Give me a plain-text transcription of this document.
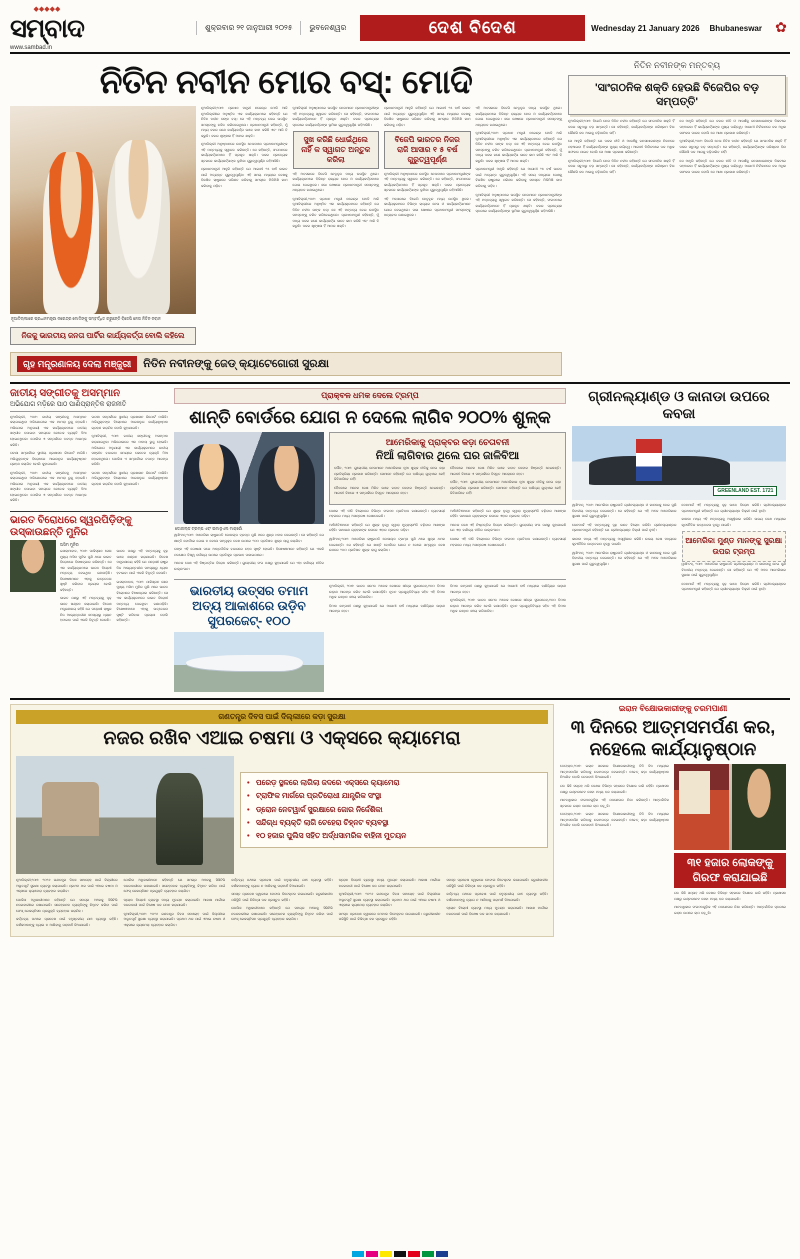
◆◆◆◆◆
ସମ୍ବାଦ
www.sambad.in
ଶୁକ୍ରବାର ୨୧ ଜାନୁଆରୀ ୨୦୨୫	ଭୁବନେଶ୍ୱର	ଦେଶ ବିଦେଶ	Wednesday 21 January 2026 Bhubaneswar ✿
ନିତିନ ନବୀନ ମୋର ବସ୍: ମୋଦି
ନୂଆଦିଲ୍ଲୀରେ ପ୍ରଧାନମନ୍ତ୍ରୀ ନରେନ୍ଦ୍ର ମୋଦିଙ୍କୁ ସମ୍ବର୍ଦ୍ଧିତ କରୁଛନ୍ତି ବିଜେପି ନେତା ନିତିନ ନବୀନ
ନିଜକୁ ଭାରତୀୟ ଜନତା ପାର୍ଟିର କାର୍ଯ୍ୟକର୍ତ୍ତା ବୋଲି କହିଲେ

ନୂଆଦିଲ୍ଲୀ,୨୦ା୧: ପ୍ରଧାନ ମନ୍ତ୍ରୀ ନରେନ୍ଦ୍ର ମୋଦି ଆଜି ନୂଆଦିଲ୍ଲୀରେ ଅନୁଷ୍ଠିତ ଏକ କାର୍ଯ୍ୟକ୍ରମରେ କହିଛନ୍ତି ଯେ ନିତିନ ନବୀନ ତାଙ୍କ ବସ୍। ସେ ଏହି ମନ୍ତବ୍ୟ ଦେଇ ଉପସ୍ଥିତ ସମସ୍ତଙ୍କୁ ଚକିତ କରିଦେଇଥିଲେ। ପ୍ରଧାନମନ୍ତ୍ରୀ କହିଛନ୍ତି, ମୁଁ ମଧ୍ୟ ଦଳର ଜଣେ କାର୍ଯ୍ୟକର୍ତ୍ତା ଭାବେ କାମ କରିଛି ଏବଂ ଆଜି ବି କରୁଛି। ଦଳର ଶୃଙ୍ଖଳା ହିଁ ଆମର ଶକ୍ତି।

ନୂଆଦିଲ୍ଲୀ ଅନୁଷ୍ଠାନରେ ଉପସ୍ଥିତ ନେତାମାନେ ପ୍ରଧାନମନ୍ତ୍ରୀଙ୍କ ଏହି ମନ୍ତବ୍ୟକୁ ସ୍ୱାଗତ କରିଛନ୍ତି। ସେ କହିଛନ୍ତି, ସଂଗଠନରେ କାର୍ଯ୍ୟକର୍ତ୍ତାମାନେ ହିଁ ପ୍ରକୃତ ଶକ୍ତି। ଦଳର ପ୍ରତ୍ୟେକ ସ୍ତରରେ କାର୍ଯ୍ୟକର୍ତ୍ତାଙ୍କ ଭୂମିକା ଗୁରୁତ୍ୱପୂର୍ଣ୍ଣ ରହିଆସିଛି।

ପ୍ରଧାନମନ୍ତ୍ରୀ ଆହୁରି କହିଛନ୍ତି ଯେ ଆଗାମୀ ୨୫ ବର୍ଷ ଭାରତ ପାଇଁ ଅତ୍ୟନ୍ତ ଗୁରୁତ୍ୱପୂର୍ଣ୍ଣ। ଏହି ସମୟ ମଧ୍ୟରେ ଦେଶକୁ ବିକଶିତ ରାଷ୍ଟ୍ରରେ ପରିଣତ କରିବାକୁ ସମସ୍ତେ ମିଳିମିଶି କାମ କରିବାକୁ ପଡ଼ିବ।

ନୂଆଦିଲ୍ଲୀ ଅନୁଷ୍ଠାନରେ ଉପସ୍ଥିତ ନେତାମାନେ ପ୍ରଧାନମନ୍ତ୍ରୀଙ୍କ ଏହି ମନ୍ତବ୍ୟକୁ ସ୍ୱାଗତ କରିଛନ୍ତି। ସେ କହିଛନ୍ତି, ସଂଗଠନରେ କାର୍ଯ୍ୟକର୍ତ୍ତାମାନେ ହିଁ ପ୍ରକୃତ ଶକ୍ତି। ଦଳର ପ୍ରତ୍ୟେକ ସ୍ତରରେ କାର୍ଯ୍ୟକର୍ତ୍ତାଙ୍କ ଭୂମିକା ଗୁରୁତ୍ୱପୂର୍ଣ୍ଣ ରହିଆସିଛି।

ସୁଖ କରିଛି ଧୋଇଁଥିଲେ ନାହିଁଁ କ ସ୍ୱାଗତ ଅନ୍ତୁକ କରିଲା

ଏହି ଅବସରରେ ବିଜେପି ନେତୃବୃନ୍ଦ ମଧ୍ୟ ଉପସ୍ଥିତ ଥିଲେ। କାର୍ଯ୍ୟକ୍ରମରେ ବିଭିନ୍ନ ରାଜ୍ୟର ନେତା ଓ କାର୍ଯ୍ୟକର୍ତ୍ତାମାନେ ଯୋଗ ଦେଇଥିଲେ। ସଭା ଶେଷରେ ପ୍ରଧାନମନ୍ତ୍ରୀ ସମସ୍ତଙ୍କୁ ଧନ୍ୟବାଦ ଜଣାଇଥିଲେ।

ନୂଆଦିଲ୍ଲୀ,୨୦ା୧: ପ୍ରଧାନ ମନ୍ତ୍ରୀ ନରେନ୍ଦ୍ର ମୋଦି ଆଜି ନୂଆଦିଲ୍ଲୀରେ ଅନୁଷ୍ଠିତ ଏକ କାର୍ଯ୍ୟକ୍ରମରେ କହିଛନ୍ତି ଯେ ନିତିନ ନବୀନ ତାଙ୍କ ବସ୍। ସେ ଏହି ମନ୍ତବ୍ୟ ଦେଇ ଉପସ୍ଥିତ ସମସ୍ତଙ୍କୁ ଚକିତ କରିଦେଇଥିଲେ। ପ୍ରଧାନମନ୍ତ୍ରୀ କହିଛନ୍ତି, ମୁଁ ମଧ୍ୟ ଦଳର ଜଣେ କାର୍ଯ୍ୟକର୍ତ୍ତା ଭାବେ କାମ କରିଛି ଏବଂ ଆଜି ବି କରୁଛି। ଦଳର ଶୃଙ୍ଖଳା ହିଁ ଆମର ଶକ୍ତି।

ପ୍ରଧାନମନ୍ତ୍ରୀ ଆହୁରି କହିଛନ୍ତି ଯେ ଆଗାମୀ ୨୫ ବର୍ଷ ଭାରତ ପାଇଁ ଅତ୍ୟନ୍ତ ଗୁରୁତ୍ୱପୂର୍ଣ୍ଣ। ଏହି ସମୟ ମଧ୍ୟରେ ଦେଶକୁ ବିକଶିତ ରାଷ୍ଟ୍ରରେ ପରିଣତ କରିବାକୁ ସମସ୍ତେ ମିଳିମିଶି କାମ କରିବାକୁ ପଡ଼ିବ।

ବିଜେପି ଭାରତର ନିଜର ରାଜି ଆସାର ୧ ୫ ବର୍ଷ ଗୁରୁତ୍ୱପୂର୍ଣ୍ଣ

ନୂଆଦିଲ୍ଲୀ ଅନୁଷ୍ଠାନରେ ଉପସ୍ଥିତ ନେତାମାନେ ପ୍ରଧାନମନ୍ତ୍ରୀଙ୍କ ଏହି ମନ୍ତବ୍ୟକୁ ସ୍ୱାଗତ କରିଛନ୍ତି। ସେ କହିଛନ୍ତି, ସଂଗଠନରେ କାର୍ଯ୍ୟକର୍ତ୍ତାମାନେ ହିଁ ପ୍ରକୃତ ଶକ୍ତି। ଦଳର ପ୍ରତ୍ୟେକ ସ୍ତରରେ କାର୍ଯ୍ୟକର୍ତ୍ତାଙ୍କ ଭୂମିକା ଗୁରୁତ୍ୱପୂର୍ଣ୍ଣ ରହିଆସିଛି।

ଏହି ଅବସରରେ ବିଜେପି ନେତୃବୃନ୍ଦ ମଧ୍ୟ ଉପସ୍ଥିତ ଥିଲେ। କାର୍ଯ୍ୟକ୍ରମରେ ବିଭିନ୍ନ ରାଜ୍ୟର ନେତା ଓ କାର୍ଯ୍ୟକର୍ତ୍ତାମାନେ ଯୋଗ ଦେଇଥିଲେ। ସଭା ଶେଷରେ ପ୍ରଧାନମନ୍ତ୍ରୀ ସମସ୍ତଙ୍କୁ ଧନ୍ୟବାଦ ଜଣାଇଥିଲେ।

ଏହି ଅବସରରେ ବିଜେପି ନେତୃବୃନ୍ଦ ମଧ୍ୟ ଉପସ୍ଥିତ ଥିଲେ। କାର୍ଯ୍ୟକ୍ରମରେ ବିଭିନ୍ନ ରାଜ୍ୟର ନେତା ଓ କାର୍ଯ୍ୟକର୍ତ୍ତାମାନେ ଯୋଗ ଦେଇଥିଲେ। ସଭା ଶେଷରେ ପ୍ରଧାନମନ୍ତ୍ରୀ ସମସ୍ତଙ୍କୁ ଧନ୍ୟବାଦ ଜଣାଇଥିଲେ।

ନୂଆଦିଲ୍ଲୀ,୨୦ା୧: ପ୍ରଧାନ ମନ୍ତ୍ରୀ ନରେନ୍ଦ୍ର ମୋଦି ଆଜି ନୂଆଦିଲ୍ଲୀରେ ଅନୁଷ୍ଠିତ ଏକ କାର୍ଯ୍ୟକ୍ରମରେ କହିଛନ୍ତି ଯେ ନିତିନ ନବୀନ ତାଙ୍କ ବସ୍। ସେ ଏହି ମନ୍ତବ୍ୟ ଦେଇ ଉପସ୍ଥିତ ସମସ୍ତଙ୍କୁ ଚକିତ କରିଦେଇଥିଲେ। ପ୍ରଧାନମନ୍ତ୍ରୀ କହିଛନ୍ତି, ମୁଁ ମଧ୍ୟ ଦଳର ଜଣେ କାର୍ଯ୍ୟକର୍ତ୍ତା ଭାବେ କାମ କରିଛି ଏବଂ ଆଜି ବି କରୁଛି। ଦଳର ଶୃଙ୍ଖଳା ହିଁ ଆମର ଶକ୍ତି।

ପ୍ରଧାନମନ୍ତ୍ରୀ ଆହୁରି କହିଛନ୍ତି ଯେ ଆଗାମୀ ୨୫ ବର୍ଷ ଭାରତ ପାଇଁ ଅତ୍ୟନ୍ତ ଗୁରୁତ୍ୱପୂର୍ଣ୍ଣ। ଏହି ସମୟ ମଧ୍ୟରେ ଦେଶକୁ ବିକଶିତ ରାଷ୍ଟ୍ରରେ ପରିଣତ କରିବାକୁ ସମସ୍ତେ ମିଳିମିଶି କାମ କରିବାକୁ ପଡ଼ିବ।

ନୂଆଦିଲ୍ଲୀ ଅନୁଷ୍ଠାନରେ ଉପସ୍ଥିତ ନେତାମାନେ ପ୍ରଧାନମନ୍ତ୍ରୀଙ୍କ ଏହି ମନ୍ତବ୍ୟକୁ ସ୍ୱାଗତ କରିଛନ୍ତି। ସେ କହିଛନ୍ତି, ସଂଗଠନରେ କାର୍ଯ୍ୟକର୍ତ୍ତାମାନେ ହିଁ ପ୍ରକୃତ ଶକ୍ତି। ଦଳର ପ୍ରତ୍ୟେକ ସ୍ତରରେ କାର୍ଯ୍ୟକର୍ତ୍ତାଙ୍କ ଭୂମିକା ଗୁରୁତ୍ୱପୂର୍ଣ୍ଣ ରହିଆସିଛି।

ଗୃହ ମନ୍ତ୍ରଣାଳୟ ଦେଲା ମଞ୍ଜୁରୀ	ନିତିନ ନବୀନଙ୍କୁ ଜେଡ୍ କ୍ୟାଟେଗୋରୀ ସୁରକ୍ଷା
ନିତିନ ନବୀନଙ୍କ ମନ୍ତବ୍ୟ
'ସାଂଗଠନିକ ଶକ୍ତି ହେଉଛି ବିଜେପିର ବଡ଼ ସମ୍ପତ୍ତି'

ନୂଆଦିଲ୍ଲୀ,୨୦ା୧: ବିଜେପି ନେତା ନିତିନ ନବୀନ କହିଛନ୍ତି ଯେ ସାଂଗଠନିକ ଶକ୍ତି ହିଁ ଦଳର ସବୁଠାରୁ ବଡ଼ ସମ୍ପତ୍ତି। ସେ କହିଛନ୍ତି, କାର୍ଯ୍ୟକର୍ତ୍ତାଙ୍କ ପରିଶ୍ରମ ବିନା କୌଣସି ଦଳ ଆଗକୁ ବଢ଼ିପାରିବ ନାହିଁ।

ସେ ଆହୁରି କହିଛନ୍ତି ଯେ ଦଳର ନୀତି ଓ ଆଦର୍ଶକୁ ଜନସାଧାରଣଙ୍କ ନିକଟରେ ପହଞ୍ଚାଇବା ହିଁ କାର୍ଯ୍ୟକର୍ତ୍ତାଙ୍କ ମୁଖ୍ୟ ଦାୟିତ୍ୱ। ଆଗାମୀ ନିର୍ବାଚନରେ ଦଳ ଅଧିକ ସଫଳତା ପାଇବ ବୋଲି ସେ ଆଶା ପ୍ରକାଶ କରିଛନ୍ତି।

ନୂଆଦିଲ୍ଲୀ,୨୦ା୧: ବିଜେପି ନେତା ନିତିନ ନବୀନ କହିଛନ୍ତି ଯେ ସାଂଗଠନିକ ଶକ୍ତି ହିଁ ଦଳର ସବୁଠାରୁ ବଡ଼ ସମ୍ପତ୍ତି। ସେ କହିଛନ୍ତି, କାର୍ଯ୍ୟକର୍ତ୍ତାଙ୍କ ପରିଶ୍ରମ ବିନା କୌଣସି ଦଳ ଆଗକୁ ବଢ଼ିପାରିବ ନାହିଁ।

ସେ ଆହୁରି କହିଛନ୍ତି ଯେ ଦଳର ନୀତି ଓ ଆଦର୍ଶକୁ ଜନସାଧାରଣଙ୍କ ନିକଟରେ ପହଞ୍ଚାଇବା ହିଁ କାର୍ଯ୍ୟକର୍ତ୍ତାଙ୍କ ମୁଖ୍ୟ ଦାୟିତ୍ୱ। ଆଗାମୀ ନିର୍ବାଚନରେ ଦଳ ଅଧିକ ସଫଳତା ପାଇବ ବୋଲି ସେ ଆଶା ପ୍ରକାଶ କରିଛନ୍ତି।

ନୂଆଦିଲ୍ଲୀ,୨୦ା୧: ବିଜେପି ନେତା ନିତିନ ନବୀନ କହିଛନ୍ତି ଯେ ସାଂଗଠନିକ ଶକ୍ତି ହିଁ ଦଳର ସବୁଠାରୁ ବଡ଼ ସମ୍ପତ୍ତି। ସେ କହିଛନ୍ତି, କାର୍ଯ୍ୟକର୍ତ୍ତାଙ୍କ ପରିଶ୍ରମ ବିନା କୌଣସି ଦଳ ଆଗକୁ ବଢ଼ିପାରିବ ନାହିଁ।

ସେ ଆହୁରି କହିଛନ୍ତି ଯେ ଦଳର ନୀତି ଓ ଆଦର୍ଶକୁ ଜନସାଧାରଣଙ୍କ ନିକଟରେ ପହଞ୍ଚାଇବା ହିଁ କାର୍ଯ୍ୟକର୍ତ୍ତାଙ୍କ ମୁଖ୍ୟ ଦାୟିତ୍ୱ। ଆଗାମୀ ନିର୍ବାଚନରେ ଦଳ ଅଧିକ ସଫଳତା ପାଇବ ବୋଲି ସେ ଆଶା ପ୍ରକାଶ କରିଛନ୍ତି।

ଜାତୀୟ ସଙ୍ଗୀତକୁ ଅସମ୍ମାନ
ଅଭିଯୋଗ ମଡ଼ିରେ ପାଠ ପାଣିପ୍ରାନ୍ତିକ ରାଜନୀତି

ନୂଆଦିଲ୍ଲୀ, ୨୦ା୧: ଜାତୀୟ ସଙ୍ଗୀତକୁ ଅସମ୍ମାନ କରାଯାଇଥିବା ଅଭିଯୋଗରେ ଏକ ମାମଲା ରୁଜୁ ହୋଇଛି। ଅଭିଯୋଗ ଅନୁଯାୟୀ ଏକ କାର୍ଯ୍ୟକ୍ରମରେ ଜାତୀୟ ସଙ୍ଗୀତ ବଜାଇବା ସମୟରେ କେତେକ ବ୍ୟକ୍ତି ଠିଆ ହୋଇନଥିଲେ। ପୋଲିସ ଏ ସମ୍ପର୍କରେ ତଦନ୍ତ ଆରମ୍ଭ କରିଛି।

ଘଟଣା ସମ୍ପର୍କରେ ସ୍ଥାନୀୟ ପ୍ରଶାସନ ରିପୋର୍ଟ ମାଗିଛି। ଅଭିଯୁକ୍ତଙ୍କ ବିରୋଧରେ ଆଇନାନୁଗ କାର୍ଯ୍ୟାନୁଷ୍ଠାନ ଗ୍ରହଣ କରାଯିବ ବୋଲି କୁହାଯାଇଛି।

ନୂଆଦିଲ୍ଲୀ, ୨୦ା୧: ଜାତୀୟ ସଙ୍ଗୀତକୁ ଅସମ୍ମାନ କରାଯାଇଥିବା ଅଭିଯୋଗରେ ଏକ ମାମଲା ରୁଜୁ ହୋଇଛି। ଅଭିଯୋଗ ଅନୁଯାୟୀ ଏକ କାର୍ଯ୍ୟକ୍ରମରେ ଜାତୀୟ ସଙ୍ଗୀତ ବଜାଇବା ସମୟରେ କେତେକ ବ୍ୟକ୍ତି ଠିଆ ହୋଇନଥିଲେ। ପୋଲିସ ଏ ସମ୍ପର୍କରେ ତଦନ୍ତ ଆରମ୍ଭ କରିଛି।

ଘଟଣା ସମ୍ପର୍କରେ ସ୍ଥାନୀୟ ପ୍ରଶାସନ ରିପୋର୍ଟ ମାଗିଛି। ଅଭିଯୁକ୍ତଙ୍କ ବିରୋଧରେ ଆଇନାନୁଗ କାର୍ଯ୍ୟାନୁଷ୍ଠାନ ଗ୍ରହଣ କରାଯିବ ବୋଲି କୁହାଯାଇଛି।

ନୂଆଦିଲ୍ଲୀ, ୨୦ା୧: ଜାତୀୟ ସଙ୍ଗୀତକୁ ଅସମ୍ମାନ କରାଯାଇଥିବା ଅଭିଯୋଗରେ ଏକ ମାମଲା ରୁଜୁ ହୋଇଛି। ଅଭିଯୋଗ ଅନୁଯାୟୀ ଏକ କାର୍ଯ୍ୟକ୍ରମରେ ଜାତୀୟ ସଙ୍ଗୀତ ବଜାଇବା ସମୟରେ କେତେକ ବ୍ୟକ୍ତି ଠିଆ ହୋଇନଥିଲେ। ପୋଲିସ ଏ ସମ୍ପର୍କରେ ତଦନ୍ତ ଆରମ୍ଭ କରିଛି।

ଘଟଣା ସମ୍ପର୍କରେ ସ୍ଥାନୀୟ ପ୍ରଶାସନ ରିପୋର୍ଟ ମାଗିଛି। ଅଭିଯୁକ୍ତଙ୍କ ବିରୋଧରେ ଆଇନାନୁଗ କାର୍ଯ୍ୟାନୁଷ୍ଠାନ ଗ୍ରହଣ କରାଯିବ ବୋଲି କୁହାଯାଇଛି।

ଭାରତ ବିରୋଧରେ ସ୍ୱରପିଡ଼ିଙ୍କୁ ଉସ୍କାଉଛନ୍ତି ମୁନିର
ଅସିମ ମୁନିର

ଇସଲାମାବାଦ, ୨୦ା୧: ପାକିସ୍ତାନ ସେନା ମୁଖ୍ୟ ଅସିମ ମୁନିର ପୁଣି ଥରେ ଭାରତ ବିରୋଧରେ ବିଷୋଦ୍ଗାର କରିଛନ୍ତି। ସେ ଏକ କାର୍ଯ୍ୟକ୍ରମରେ ଭାରତ ବିରୋଧୀ ମନ୍ତବ୍ୟ ଦେଇଥିବା ଜଣାପଡ଼ିଛି। ବିଶେଷଜ୍ଞମାନେ ଏହାକୁ ଉତ୍ତେଜନା ସୃଷ୍ଟି କରିବାର ପ୍ରୟାସ ବୋଲି କହିଛନ୍ତି।

ଭାରତ ପକ୍ଷରୁ ଏହି ମନ୍ତବ୍ୟକୁ ଦୃଢ଼ ଭାବେ ଖଣ୍ଡନ କରାଯାଇଛି। ବିଦେଶ ମନ୍ତ୍ରଣାଳୟ କହିଛି ଯେ ପଡ଼ୋଶୀ ରାଷ୍ଟ୍ର ନିଜ ଆଭ୍ୟନ୍ତରୀଣ ସମସ୍ୟାରୁ ଧ୍ୟାନ ହଟାଇବା ପାଇଁ ଏଭଳି ବିବୃତ୍ତି ଦେଉଛି।

ଭାରତ ପକ୍ଷରୁ ଏହି ମନ୍ତବ୍ୟକୁ ଦୃଢ଼ ଭାବେ ଖଣ୍ଡନ କରାଯାଇଛି। ବିଦେଶ ମନ୍ତ୍ରଣାଳୟ କହିଛି ଯେ ପଡ଼ୋଶୀ ରାଷ୍ଟ୍ର ନିଜ ଆଭ୍ୟନ୍ତରୀଣ ସମସ୍ୟାରୁ ଧ୍ୟାନ ହଟାଇବା ପାଇଁ ଏଭଳି ବିବୃତ୍ତି ଦେଉଛି।

ଇସଲାମାବାଦ, ୨୦ା୧: ପାକିସ୍ତାନ ସେନା ମୁଖ୍ୟ ଅସିମ ମୁନିର ପୁଣି ଥରେ ଭାରତ ବିରୋଧରେ ବିଷୋଦ୍ଗାର କରିଛନ୍ତି। ସେ ଏକ କାର୍ଯ୍ୟକ୍ରମରେ ଭାରତ ବିରୋଧୀ ମନ୍ତବ୍ୟ ଦେଇଥିବା ଜଣାପଡ଼ିଛି। ବିଶେଷଜ୍ଞମାନେ ଏହାକୁ ଉତ୍ତେଜନା ସୃଷ୍ଟି କରିବାର ପ୍ରୟାସ ବୋଲି କହିଛନ୍ତି।

ପ୍ରାକ୍ବଳ ଧମକ ଦେଲେ ଟ୍ରମ୍ପ
ଶାନ୍ତି ବୋର୍ଡରେ ଯୋଗ ନ ଦେଲେ ଲାଗିବ ୨୦୦% ଶୁଳ୍କ
ଡୋନାଲ୍ଡ ଟ୍ରମ୍ପ ଏବଂ ଇମାନୁଏଲ ମାକ୍ରୋଁ

ୱାଶିଂଟନ୍,୨୦ା୧: ଆମେରିକା ରାଷ୍ଟ୍ରପତି ଡୋନାଲ୍ଡ ଟ୍ରମ୍ପ ପୁଣି ଥରେ ଶୁଳ୍କ ଧମକ ଦେଇଛନ୍ତି। ସେ କହିଛନ୍ତି ଯେ ଶାନ୍ତି ବୋର୍ଡରେ ଯୋଗ ନ ଦେଲେ ସମ୍ପୃକ୍ତ ଦେଶ ଉପରେ ୨୦୦ ପ୍ରତିଶତ ଶୁଳ୍କ ଲାଗୁ କରାଯିବ।

ତାଙ୍କ ଏହି ଘୋଷଣା ପରେ ଆନ୍ତର୍ଜାତିକ ବଜାରରେ ଚହଳ ସୃଷ୍ଟି ହୋଇଛି। ବିଶେଷଜ୍ଞମାନେ କହିଛନ୍ତି ଯେ ଏଭଳି ପଦକ୍ଷେପ ବିଶ୍ୱ ବାଣିଜ୍ୟ ଉପରେ ପ୍ରତିକୂଳ ପ୍ରଭାବ ପକାଇପାରେ।

ଅନେକ ଦେଶ ଏହି ନିଷ୍ପତ୍ତିର ବିରୋଧ କରିଛନ୍ତି। ୟୁରୋପୀୟ ସଂଘ ପକ୍ଷରୁ କୁହାଯାଇଛି ଯେ ଏହା ବାଣିଜ୍ୟ ନୀତିର ଉଲ୍ଲଂଘନ।

ଆମେରିକାକୁ ପ୍ରାକ୍ବର କଡ଼ା ଚେତାବନୀ
ନିଆଁ ଲାଗିବାର ଥିଲେ ଘର ଜାଳିବିଆ

ବର୍ଲିନ, ୨୦ା୧: ୟୁରୋପୀୟ ନେତାମାନେ ଆମେରିକାର ନୂଆ ଶୁଳ୍କ ନୀତିକୁ ନେଇ କଡ଼ା ପ୍ରତିକ୍ରିୟା ପ୍ରକାଶ କରିଛନ୍ତି। ସେମାନେ କହିଛନ୍ତି ଯେ ବାଣିଜ୍ୟ ଯୁଦ୍ଧରେ କେହି ଜିତିପାରିବେ ନାହିଁ।

ବୈଠକରେ ଅନେକ ଦେଶ ମିଳିତ ଭାବେ ଜବାବ ଦେବାର ନିଷ୍ପତ୍ତି ନେଇଛନ୍ତି। ଆଗାମୀ ଦିନରେ ଏ ସମ୍ପର୍କରେ ବିସ୍ତୃତ ଆଲୋଚନା ହେବ।

ବୈଠକରେ ଅନେକ ଦେଶ ମିଳିତ ଭାବେ ଜବାବ ଦେବାର ନିଷ୍ପତ୍ତି ନେଇଛନ୍ତି। ଆଗାମୀ ଦିନରେ ଏ ସମ୍ପର୍କରେ ବିସ୍ତୃତ ଆଲୋଚନା ହେବ।

ବର୍ଲିନ, ୨୦ା୧: ୟୁରୋପୀୟ ନେତାମାନେ ଆମେରିକାର ନୂଆ ଶୁଳ୍କ ନୀତିକୁ ନେଇ କଡ଼ା ପ୍ରତିକ୍ରିୟା ପ୍ରକାଶ କରିଛନ୍ତି। ସେମାନେ କହିଛନ୍ତି ଯେ ବାଣିଜ୍ୟ ଯୁଦ୍ଧରେ କେହି ଜିତିପାରିବେ ନାହିଁ।

ଦେଶର ଏହି ନୀତି ବିରୋଧରେ ବିଭିନ୍ନ ସଂଗଠନ ପ୍ରତିବାଦ ଜଣାଇଛନ୍ତି। ବ୍ୟବସାୟୀ ମହଲରେ ମଧ୍ୟ ଅସନ୍ତୋଷ ଦେଖାଦେଇଛି।

ଅର୍ଥନୀତିଜ୍ଞମାନେ କହିଛନ୍ତି ଯେ ଶୁଳ୍କ ବୃଦ୍ଧି ଦ୍ୱାରା ମୁଦ୍ରାସ୍ଫୀତି ବଢ଼ିବାର ଆଶଙ୍କା ରହିଛି। ସାଧାରଣ ଗ୍ରାହକଙ୍କ ଉପରେ ଏହାର ପ୍ରଭାବ ପଡ଼ିବ।

ୱାଶିଂଟନ୍,୨୦ା୧: ଆମେରିକା ରାଷ୍ଟ୍ରପତି ଡୋନାଲ୍ଡ ଟ୍ରମ୍ପ ପୁଣି ଥରେ ଶୁଳ୍କ ଧମକ ଦେଇଛନ୍ତି। ସେ କହିଛନ୍ତି ଯେ ଶାନ୍ତି ବୋର୍ଡରେ ଯୋଗ ନ ଦେଲେ ସମ୍ପୃକ୍ତ ଦେଶ ଉପରେ ୨୦୦ ପ୍ରତିଶତ ଶୁଳ୍କ ଲାଗୁ କରାଯିବ।

ଅର୍ଥନୀତିଜ୍ଞମାନେ କହିଛନ୍ତି ଯେ ଶୁଳ୍କ ବୃଦ୍ଧି ଦ୍ୱାରା ମୁଦ୍ରାସ୍ଫୀତି ବଢ଼ିବାର ଆଶଙ୍କା ରହିଛି। ସାଧାରଣ ଗ୍ରାହକଙ୍କ ଉପରେ ଏହାର ପ୍ରଭାବ ପଡ଼ିବ।

ଅନେକ ଦେଶ ଏହି ନିଷ୍ପତ୍ତିର ବିରୋଧ କରିଛନ୍ତି। ୟୁରୋପୀୟ ସଂଘ ପକ୍ଷରୁ କୁହାଯାଇଛି ଯେ ଏହା ବାଣିଜ୍ୟ ନୀତିର ଉଲ୍ଲଂଘନ।

ଦେଶର ଏହି ନୀତି ବିରୋଧରେ ବିଭିନ୍ନ ସଂଗଠନ ପ୍ରତିବାଦ ଜଣାଇଛନ୍ତି। ବ୍ୟବସାୟୀ ମହଲରେ ମଧ୍ୟ ଅସନ୍ତୋଷ ଦେଖାଦେଇଛି।

ଭାରତୀୟ ଉତ୍ସର ତମାମ ଅତ୍ୟ ଆକାଶରେ ଉଡ଼ିବ ସୁପରଜେଟ୍- ୧୦୦

ନୂଆଦିଲ୍ଲୀ, ୨୦ା୧: ଭାରତ ସମେତ ଅନେକ ଦେଶରେ ଶୀଘ୍ର ସୁପରଜେଟ୍-୧୦୦ ବିମାନ ଉଡ଼ାଣ ଆରମ୍ଭ କରିବ ବୋଲି ଜଣାପଡ଼ିଛି। ନୂତନ ପ୍ରଯୁକ୍ତିବିଦ୍ୟା ସହିତ ଏହି ବିମାନ ଅଧିକ ଇନ୍ଧନ ସଞ୍ଚୟ କରିପାରିବ।

ବିମାନ କମ୍ପାନୀ ପକ୍ଷରୁ କୁହାଯାଇଛି ଯେ ଆଗାମୀ ବର୍ଷ ମଧ୍ୟରେ ବାଣିଜ୍ୟିକ ଉଡ଼ାଣ ଆରମ୍ଭ ହେବ।

ବିମାନ କମ୍ପାନୀ ପକ୍ଷରୁ କୁହାଯାଇଛି ଯେ ଆଗାମୀ ବର୍ଷ ମଧ୍ୟରେ ବାଣିଜ୍ୟିକ ଉଡ଼ାଣ ଆରମ୍ଭ ହେବ।

ନୂଆଦିଲ୍ଲୀ, ୨୦ା୧: ଭାରତ ସମେତ ଅନେକ ଦେଶରେ ଶୀଘ୍ର ସୁପରଜେଟ୍-୧୦୦ ବିମାନ ଉଡ଼ାଣ ଆରମ୍ଭ କରିବ ବୋଲି ଜଣାପଡ଼ିଛି। ନୂତନ ପ୍ରଯୁକ୍ତିବିଦ୍ୟା ସହିତ ଏହି ବିମାନ ଅଧିକ ଇନ୍ଧନ ସଞ୍ଚୟ କରିପାରିବ।

ଗ୍ରୀନଲ୍ୟାଣ୍ଡ ଓ କାନାଡା ଉପରେ କବଜା
GREENLAND EST. 1721

ୱାଶିଂଟନ୍, ୨୦ା୧: ଆମେରିକା ରାଷ୍ଟ୍ରପତି ଗ୍ରୀନଲ୍ୟାଣ୍ଡ ଓ କାନାଡାକୁ ନେଇ ପୁଣି ବିବାଦୀୟ ମନ୍ତବ୍ୟ ଦେଇଛନ୍ତି। ସେ କହିଛନ୍ତି ଯେ ଏହି ଅଞ୍ଚଳ ଆମେରିକାର ସୁରକ୍ଷା ପାଇଁ ଗୁରୁତ୍ୱପୂର୍ଣ୍ଣ।

ଡେନମାର୍କ ଏହି ମନ୍ତବ୍ୟକୁ ଦୃଢ଼ ଭାବେ ବିରୋଧ କରିଛି। ଗ୍ରୀନଲ୍ୟାଣ୍ଡର ପ୍ରଧାନମନ୍ତ୍ରୀ କହିଛନ୍ତି ଯେ ଗ୍ରୀନଲ୍ୟାଣ୍ଡ ବିକ୍ରୀ ପାଇଁ ନୁହେଁ।

କାନାଡା ମଧ୍ୟ ଏହି ମନ୍ତବ୍ୟକୁ ଅସ୍ୱୀକାର କରିଛି। ଉଭୟ ଦେଶ ମଧ୍ୟରେ କୂଟନୈତିକ ଉତ୍ତେଜନା ବୃଦ୍ଧି ପାଇଛି।

ୱାଶିଂଟନ୍, ୨୦ା୧: ଆମେରିକା ରାଷ୍ଟ୍ରପତି ଗ୍ରୀନଲ୍ୟାଣ୍ଡ ଓ କାନାଡାକୁ ନେଇ ପୁଣି ବିବାଦୀୟ ମନ୍ତବ୍ୟ ଦେଇଛନ୍ତି। ସେ କହିଛନ୍ତି ଯେ ଏହି ଅଞ୍ଚଳ ଆମେରିକାର ସୁରକ୍ଷା ପାଇଁ ଗୁରୁତ୍ୱପୂର୍ଣ୍ଣ।

ଡେନମାର୍କ ଏହି ମନ୍ତବ୍ୟକୁ ଦୃଢ଼ ଭାବେ ବିରୋଧ କରିଛି। ଗ୍ରୀନଲ୍ୟାଣ୍ଡର ପ୍ରଧାନମନ୍ତ୍ରୀ କହିଛନ୍ତି ଯେ ଗ୍ରୀନଲ୍ୟାଣ୍ଡ ବିକ୍ରୀ ପାଇଁ ନୁହେଁ।

କାନାଡା ମଧ୍ୟ ଏହି ମନ୍ତବ୍ୟକୁ ଅସ୍ୱୀକାର କରିଛି। ଉଭୟ ଦେଶ ମଧ୍ୟରେ କୂଟନୈତିକ ଉତ୍ତେଜନା ବୃଦ୍ଧି ପାଇଛି।

ଆମେରିକା ମୁଣ୍ଡ ମାନଙ୍କୁ ସୁରକ୍ଷା ଉପର ଟ୍ରମ୍ପ

ୱାଶିଂଟନ୍, ୨୦ା୧: ଆମେରିକା ରାଷ୍ଟ୍ରପତି ଗ୍ରୀନଲ୍ୟାଣ୍ଡ ଓ କାନାଡାକୁ ନେଇ ପୁଣି ବିବାଦୀୟ ମନ୍ତବ୍ୟ ଦେଇଛନ୍ତି। ସେ କହିଛନ୍ତି ଯେ ଏହି ଅଞ୍ଚଳ ଆମେରିକାର ସୁରକ୍ଷା ପାଇଁ ଗୁରୁତ୍ୱପୂର୍ଣ୍ଣ।

ଡେନମାର୍କ ଏହି ମନ୍ତବ୍ୟକୁ ଦୃଢ଼ ଭାବେ ବିରୋଧ କରିଛି। ଗ୍ରୀନଲ୍ୟାଣ୍ଡର ପ୍ରଧାନମନ୍ତ୍ରୀ କହିଛନ୍ତି ଯେ ଗ୍ରୀନଲ୍ୟାଣ୍ଡ ବିକ୍ରୀ ପାଇଁ ନୁହେଁ।

ଗଣତନ୍ତ୍ର ଦିବସ ପାଇଁ ଦିଲ୍ଲୀରେ କଡ଼ା ସୁରକ୍ଷା
ନଜର ରଖିବ ଏଆଇ ଚଷମା ଓ ଏକ୍ସରେ କ୍ୟାମେରା
• ପରେଡ଼ ସ୍ଥଳରେ ଲାଗିଲା ଜଦରେ ଏକ୍ସରେ କ୍ୟାମେରା
• ଟ୍ରାଫିକ ମାର୍ଗରେ ପ୍ରତିରୋଧୀ ଯାନ୍ତ୍ରିକ ସଂସ୍ଥା
• ଡ୍ରୋନ ନେଟୱାର୍କ ସୁରକ୍ଷାରେ ଜୋର ନିର୍ଦ୍ଦେଶିକା
• ସନ୍ଦିଗ୍ଧ ବ୍ୟକ୍ତି ଲାଗି ଚେହେରା ଚିହ୍ନଟ ବ୍ୟବସ୍ଥା
• ୧୦ ହଜାର ପୁଲିସ ସହିତ ଅର୍ଦ୍ଧସାମରିକ ବାହିନୀ ମୁତୟନ

ନୂଆଦିଲ୍ଲୀ,୨୦ା୧: ୨୦୨୬ ଗଣତନ୍ତ୍ର ଦିବସ ସମାରୋହ ପାଇଁ ଦିଲ୍ଲୀରେ ଅଭୂତପୂର୍ବ ସୁରକ୍ଷା ବ୍ୟବସ୍ଥା କରାଯାଇଛି। ପ୍ରଥମ ଥର ପାଇଁ ଏଆଇ ଚଷମା ଓ ଏକ୍ସରେ କ୍ୟାମେରା ବ୍ୟବହାର କରାଯିବ।

ପୋଲିସ ଅଧିକାରୀମାନେ କହିଛନ୍ତି ଯେ ସମଗ୍ର ଅଞ୍ଚଳକୁ ସିସିଟିଭି ନଜରଦାରୀରେ ରଖାଯାଇଛି। ସନ୍ଦେହଜନକ ବ୍ୟକ୍ତିଙ୍କୁ ଚିହ୍ନଟ କରିବା ପାଇଁ ଫେସ୍ ରେକଗ୍ନିସନ ପ୍ରଯୁକ୍ତି ବ୍ୟବହାର କରାଯିବ।

କର୍ତ୍ତବ୍ୟ ପଥରେ ପ୍ରବେଶ ପାଇଁ ବହୁସ୍ତରୀୟ ଯାଞ୍ଚ ବ୍ୟବସ୍ଥା ରହିଛି। ଦର୍ଶକମାନଙ୍କୁ ବ୍ୟାଗ ନ ଆଣିବାକୁ ପରାମର୍ଶ ଦିଆଯାଇଛି।

ପୋଲିସ ଅଧିକାରୀମାନେ କହିଛନ୍ତି ଯେ ସମଗ୍ର ଅଞ୍ଚଳକୁ ସିସିଟିଭି ନଜରଦାରୀରେ ରଖାଯାଇଛି। ସନ୍ଦେହଜନକ ବ୍ୟକ୍ତିଙ୍କୁ ଚିହ୍ନଟ କରିବା ପାଇଁ ଫେସ୍ ରେକଗ୍ନିସନ ପ୍ରଯୁକ୍ତି ବ୍ୟବହାର କରାଯିବ।

ଡ୍ରୋନ ବିରୋଧୀ ବ୍ୟବସ୍ଥା ମଧ୍ୟ ମୁତୟନ କରାଯାଇଛି। ଆକାଶ ମାର୍ଗରେ ନଜରଦାରୀ ପାଇଁ ବିଶେଷ ଦଳ ଗଠନ କରାଯାଇଛି।

ନୂଆଦିଲ୍ଲୀ,୨୦ା୧: ୨୦୨୬ ଗଣତନ୍ତ୍ର ଦିବସ ସମାରୋହ ପାଇଁ ଦିଲ୍ଲୀରେ ଅଭୂତପୂର୍ବ ସୁରକ୍ଷା ବ୍ୟବସ୍ଥା କରାଯାଇଛି। ପ୍ରଥମ ଥର ପାଇଁ ଏଆଇ ଚଷମା ଓ ଏକ୍ସରେ କ୍ୟାମେରା ବ୍ୟବହାର କରାଯିବ।

କର୍ତ୍ତବ୍ୟ ପଥରେ ପ୍ରବେଶ ପାଇଁ ବହୁସ୍ତରୀୟ ଯାଞ୍ଚ ବ୍ୟବସ୍ଥା ରହିଛି। ଦର୍ଶକମାନଙ୍କୁ ବ୍ୟାଗ ନ ଆଣିବାକୁ ପରାମର୍ଶ ଦିଆଯାଇଛି।

ସମସ୍ତ ପ୍ରବେଶ ଦ୍ୱାରରେ ମେଟାଲ ଡିଟେକ୍ଟର ଲଗାଯାଇଛି। ଜରୁରୀକାଳୀନ ପରିସ୍ଥିତି ପାଇଁ ଚିକିତ୍ସା ଦଳ ପ୍ରସ୍ତୁତ ରହିଛି।

ପୋଲିସ ଅଧିକାରୀମାନେ କହିଛନ୍ତି ଯେ ସମଗ୍ର ଅଞ୍ଚଳକୁ ସିସିଟିଭି ନଜରଦାରୀରେ ରଖାଯାଇଛି। ସନ୍ଦେହଜନକ ବ୍ୟକ୍ତିଙ୍କୁ ଚିହ୍ନଟ କରିବା ପାଇଁ ଫେସ୍ ରେକଗ୍ନିସନ ପ୍ରଯୁକ୍ତି ବ୍ୟବହାର କରାଯିବ।

ଡ୍ରୋନ ବିରୋଧୀ ବ୍ୟବସ୍ଥା ମଧ୍ୟ ମୁତୟନ କରାଯାଇଛି। ଆକାଶ ମାର୍ଗରେ ନଜରଦାରୀ ପାଇଁ ବିଶେଷ ଦଳ ଗଠନ କରାଯାଇଛି।

ନୂଆଦିଲ୍ଲୀ,୨୦ା୧: ୨୦୨୬ ଗଣତନ୍ତ୍ର ଦିବସ ସମାରୋହ ପାଇଁ ଦିଲ୍ଲୀରେ ଅଭୂତପୂର୍ବ ସୁରକ୍ଷା ବ୍ୟବସ୍ଥା କରାଯାଇଛି। ପ୍ରଥମ ଥର ପାଇଁ ଏଆଇ ଚଷମା ଓ ଏକ୍ସରେ କ୍ୟାମେରା ବ୍ୟବହାର କରାଯିବ।

ସମସ୍ତ ପ୍ରବେଶ ଦ୍ୱାରରେ ମେଟାଲ ଡିଟେକ୍ଟର ଲଗାଯାଇଛି। ଜରୁରୀକାଳୀନ ପରିସ୍ଥିତି ପାଇଁ ଚିକିତ୍ସା ଦଳ ପ୍ରସ୍ତୁତ ରହିଛି।

ସମସ୍ତ ପ୍ରବେଶ ଦ୍ୱାରରେ ମେଟାଲ ଡିଟେକ୍ଟର ଲଗାଯାଇଛି। ଜରୁରୀକାଳୀନ ପରିସ୍ଥିତି ପାଇଁ ଚିକିତ୍ସା ଦଳ ପ୍ରସ୍ତୁତ ରହିଛି।

କର୍ତ୍ତବ୍ୟ ପଥରେ ପ୍ରବେଶ ପାଇଁ ବହୁସ୍ତରୀୟ ଯାଞ୍ଚ ବ୍ୟବସ୍ଥା ରହିଛି। ଦର୍ଶକମାନଙ୍କୁ ବ୍ୟାଗ ନ ଆଣିବାକୁ ପରାମର୍ଶ ଦିଆଯାଇଛି।

ଡ୍ରୋନ ବିରୋଧୀ ବ୍ୟବସ୍ଥା ମଧ୍ୟ ମୁତୟନ କରାଯାଇଛି। ଆକାଶ ମାର୍ଗରେ ନଜରଦାରୀ ପାଇଁ ବିଶେଷ ଦଳ ଗଠନ କରାଯାଇଛି।

ଇରାନ ବିକ୍ଷୋଭକାରୀଙ୍କୁ ଚରମପାଣୀ
୩ ଦିନରେ ଆତ୍ମସମର୍ପଣ କର, ନହେଲେ କାର୍ଯ୍ୟାନୁଷ୍ଠାନ

ତେହେରାନ,୨୦ା୧: ଇରାନ ସରକାର ବିକ୍ଷୋଭକାରୀଙ୍କୁ ତିନି ଦିନ ମଧ୍ୟରେ ଆତ୍ମସମର୍ପଣ କରିବାକୁ ଚରମପତ୍ର ଦେଇଛନ୍ତି। ନଚେତ୍ କଡ଼ା କାର୍ଯ୍ୟାନୁଷ୍ଠାନ ନିଆଯିବ ବୋଲି ଚେତାବନୀ ଦିଆଯାଇଛି।

ଗତ କିଛି ସପ୍ତାହ ଧରି ଦେଶର ବିଭିନ୍ନ ସହରରେ ବିକ୍ଷୋଭ ଜାରି ରହିଛି। ପ୍ରଶାସନ ପକ୍ଷରୁ ଇଣ୍ଟରନେଟ ସେବା ମଧ୍ୟ ବନ୍ଦ କରାଯାଇଛି।

ମାନବାଧିକାର ସଂଗଠନଗୁଡ଼ିକ ଏହି ପଦକ୍ଷେପର ନିନ୍ଦା କରିଛନ୍ତି। ଆନ୍ତର୍ଜାତିକ ସ୍ତରରେ ଇରାନ ଉପରେ ଚାପ ବଢ଼ୁଛି।

ତେହେରାନ,୨୦ା୧: ଇରାନ ସରକାର ବିକ୍ଷୋଭକାରୀଙ୍କୁ ତିନି ଦିନ ମଧ୍ୟରେ ଆତ୍ମସମର୍ପଣ କରିବାକୁ ଚରମପତ୍ର ଦେଇଛନ୍ତି। ନଚେତ୍ କଡ଼ା କାର୍ଯ୍ୟାନୁଷ୍ଠାନ ନିଆଯିବ ବୋଲି ଚେତାବନୀ ଦିଆଯାଇଛି।

୩୧ ହଜାର ଲୋକଙ୍କୁ ଗିରଫ କରାଯାଇଛି

ଗତ କିଛି ସପ୍ତାହ ଧରି ଦେଶର ବିଭିନ୍ନ ସହରରେ ବିକ୍ଷୋଭ ଜାରି ରହିଛି। ପ୍ରଶାସନ ପକ୍ଷରୁ ଇଣ୍ଟରନେଟ ସେବା ମଧ୍ୟ ବନ୍ଦ କରାଯାଇଛି।

ମାନବାଧିକାର ସଂଗଠନଗୁଡ଼ିକ ଏହି ପଦକ୍ଷେପର ନିନ୍ଦା କରିଛନ୍ତି। ଆନ୍ତର୍ଜାତିକ ସ୍ତରରେ ଇରାନ ଉପରେ ଚାପ ବଢ଼ୁଛି।
